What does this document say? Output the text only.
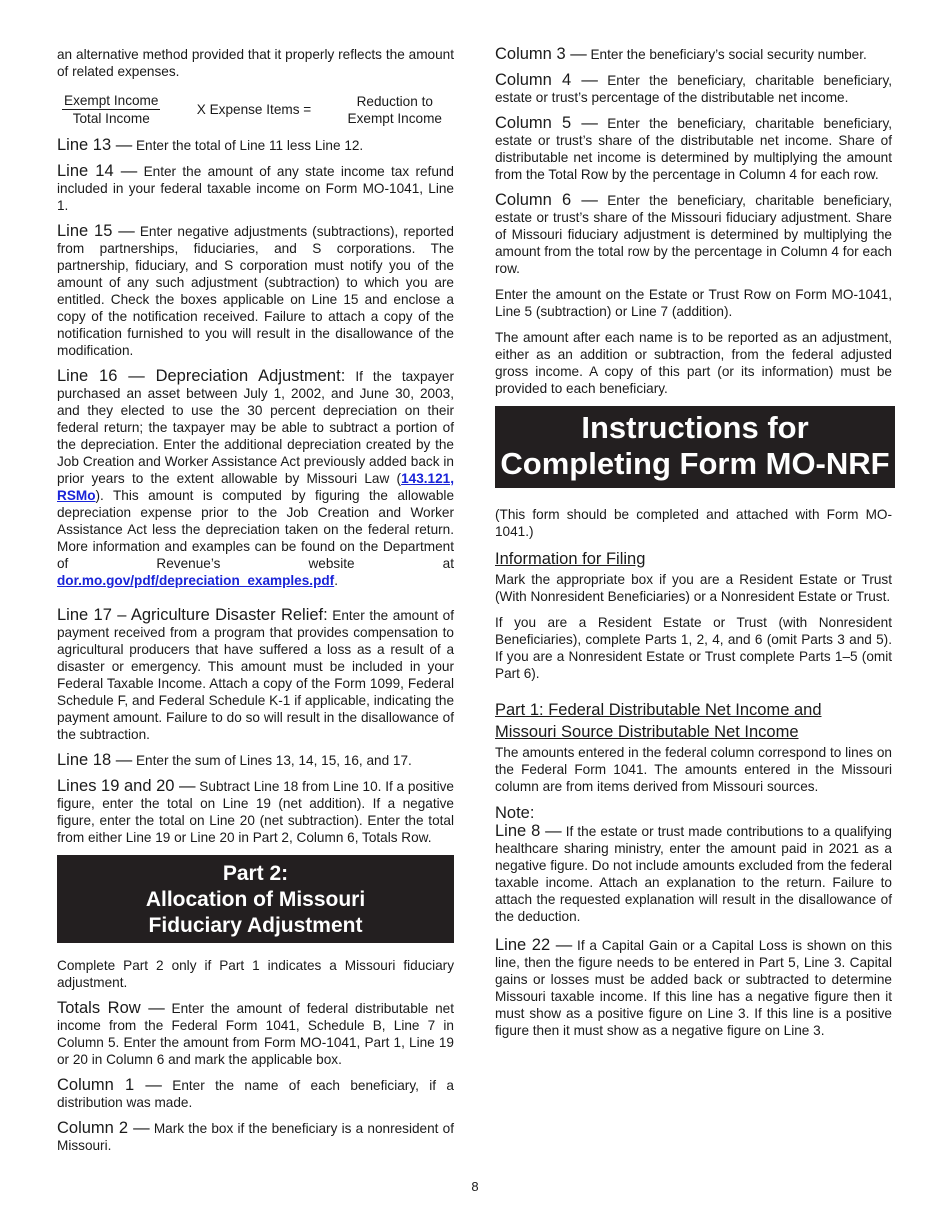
an alternative method provided that it properly reflects the amount of related expenses.

$\frac{\text{Exempt Income}}{\text{Total Income}}$	X Expense Items =
Reduction to
Exempt Income

Line 13 — Enter the total of Line 11 less Line 12.

Line 14 — Enter the amount of any state income tax refund included in your federal taxable income on Form MO-1041, Line 1.

Line 15 — Enter negative adjustments (subtractions), reported from partnerships, fiduciaries, and S corporations. The partnership, fiduciary, and S corporation must notify you of the amount of any such adjustment (subtraction) to which you are entitled. Check the boxes applicable on Line 15 and enclose a copy of the notification received. Failure to attach a copy of the notification furnished to you will result in the disallowance of the modification.

Line 16 — Depreciation Adjustment: If the taxpayer purchased an asset between July 1, 2002, and June 30, 2003, and they elected to use the 30 percent depreciation on their federal return; the taxpayer may be able to subtract a portion of the depreciation. Enter the additional depreciation created by the Job Creation and Worker Assistance Act previously added back in prior years to the extent allowable by Missouri Law (143.121, RSMo). This amount is computed by figuring the allowable depreciation expense prior to the Job Creation and Worker Assistance Act less the depreciation taken on the federal return. More information and examples can be found on the Department of Revenue’s website at dor.mo.gov/pdf/depreciation_examples.pdf.

Line 17 – Agriculture Disaster Relief: Enter the amount of payment received from a program that provides compensation to agricultural producers that have suffered a loss as a result of a disaster or emergency. This amount must be included in your Federal Taxable Income. Attach a copy of the Form 1099, Federal Schedule F, and Federal Schedule K-1 if applicable, indicating the payment amount. Failure to do so will result in the disallowance of the subtraction.

Line 18 — Enter the sum of Lines 13, 14, 15, 16, and 17.

Lines 19 and 20 — Subtract Line 18 from Line 10. If a positive figure, enter the total on Line 19 (net addition). If a negative figure, enter the total on Line 20 (net subtraction). Enter the total from either Line 19 or Line 20 in Part 2, Column 6, Totals Row.

Part 2:
Allocation of Missouri
Fiduciary Adjustment

Complete Part 2 only if Part 1 indicates a Missouri fiduciary adjustment.

Totals Row — Enter the amount of federal distributable net income from the Federal Form 1041, Schedule B, Line 7 in Column 5. Enter the amount from Form MO-1041, Part 1, Line 19 or 20 in Column 6 and mark the applicable box.

Column 1 — Enter the name of each beneficiary, if a distribution was made.

Column 2 — Mark the box if the beneficiary is a nonresident of Missouri.

Column 3 — Enter the beneficiary’s social security number.

Column 4 — Enter the beneficiary, charitable beneficiary, estate or trust’s percentage of the distributable net income.

Column 5 — Enter the beneficiary, charitable beneficiary, estate or trust’s share of the distributable net income. Share of distributable net income is determined by multiplying the amount from the Total Row by the percentage in Column 4 for each row.

Column 6 — Enter the beneficiary, charitable beneficiary, estate or trust’s share of the Missouri fiduciary adjustment. Share of Missouri fiduciary adjustment is determined by multiplying the amount from the total row by the percentage in Column 4 for each row.

Enter the amount on the Estate or Trust Row on Form MO-1041, Line 5 (subtraction) or Line 7 (addition).

The amount after each name is to be reported as an adjustment, either as an addition or subtraction, from the federal adjusted gross income. A copy of this part (or its information) must be provided to each beneficiary.

Instructions for
Completing Form MO-NRF

(This form should be completed and attached with Form MO-1041.)

Information for Filing

Mark the appropriate box if you are a Resident Estate or Trust (With Nonresident Beneficiaries) or a Nonresident Estate or Trust.

If you are a Resident Estate or Trust (with Nonresident Beneficiaries), complete Parts 1, 2, 4, and 6 (omit Parts 3 and 5). If you are a Nonresident Estate or Trust complete Parts 1–5 (omit Part 6).

Part 1: Federal Distributable Net Income and
Missouri Source Distributable Net Income

The amounts entered in the federal column correspond to lines on the Federal Form 1041. The amounts entered in the Missouri column are from items derived from Missouri sources.

Note:

Line 8 — If the estate or trust made contributions to a qualifying healthcare sharing ministry, enter the amount paid in 2021 as a negative figure. Do not include amounts excluded from the federal taxable income. Attach an explanation to the return. Failure to attach the requested explanation will result in the disallowance of the deduction.

Line 22 — If a Capital Gain or a Capital Loss is shown on this line, then the figure needs to be entered in Part 5, Line 3. Capital gains or losses must be added back or subtracted to determine Missouri taxable income. If this line has a negative figure then it must show as a positive figure on Line 3. If this line is a positive figure then it must show as a negative figure on Line 3.

8
